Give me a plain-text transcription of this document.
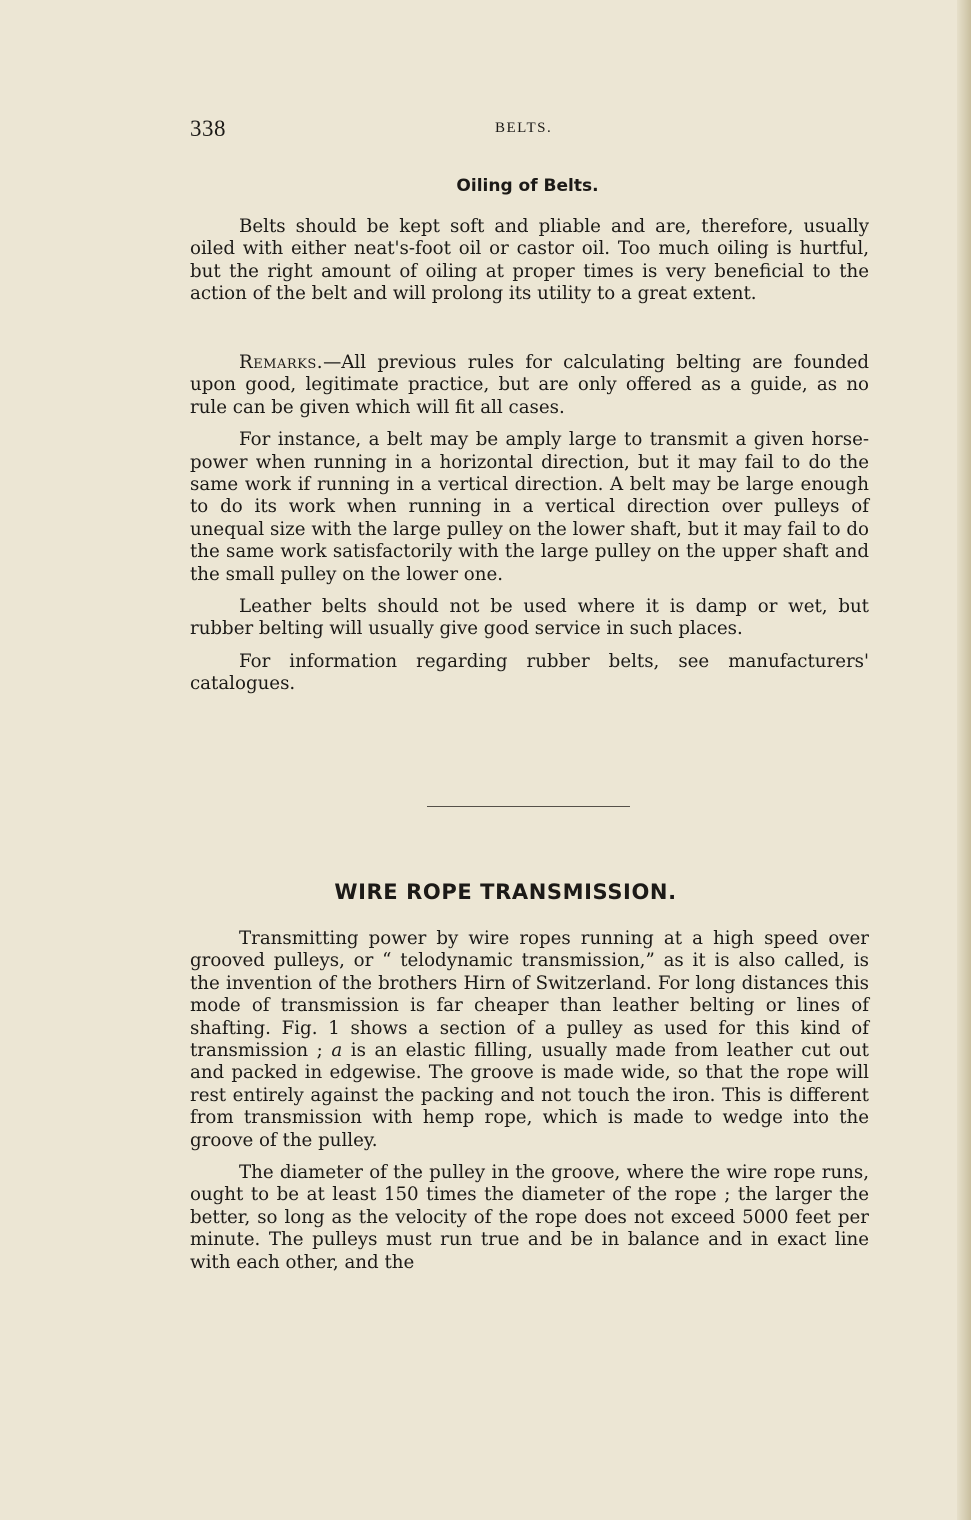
338	BELTS.
Oiling of Belts.

Belts should be kept soft and pliable and are, therefore, usually oiled with either neat's-foot oil or castor oil. Too much oiling is hurtful, but the right amount of oiling at proper times is very beneficial to the action of the belt and will prolong its utility to a great extent.

Remarks.—All previous rules for calculating belting are founded upon good, legitimate practice, but are only offered as a guide, as no rule can be given which will fit all cases.

For instance, a belt may be amply large to transmit a given horse-power when running in a horizontal direction, but it may fail to do the same work if running in a vertical direction. A belt may be large enough to do its work when running in a vertical direction over pulleys of unequal size with the large pulley on the lower shaft, but it may fail to do the same work satisfactorily with the large pulley on the upper shaft and the small pulley on the lower one.

Leather belts should not be used where it is damp or wet, but rubber belting will usually give good service in such places.

For information regarding rubber belts, see manufacturers' catalogues.

WIRE ROPE TRANSMISSION.

Transmitting power by wire ropes running at a high speed over grooved pulleys, or “ telodynamic transmission,” as it is also called, is the invention of the brothers Hirn of Switzerland. For long distances this mode of transmission is far cheaper than leather belting or lines of shafting. Fig. 1 shows a section of a pulley as used for this kind of transmission ; a is an elastic filling, usually made from leather cut out and packed in edgewise. The groove is made wide, so that the rope will rest entirely against the packing and not touch the iron. This is different from transmission with hemp rope, which is made to wedge into the groove of the pulley.

The diameter of the pulley in the groove, where the wire rope runs, ought to be at least 150 times the diameter of the rope ; the larger the better, so long as the velocity of the rope does not exceed 5000 feet per minute. The pulleys must run true and be in balance and in exact line with each other, and the
